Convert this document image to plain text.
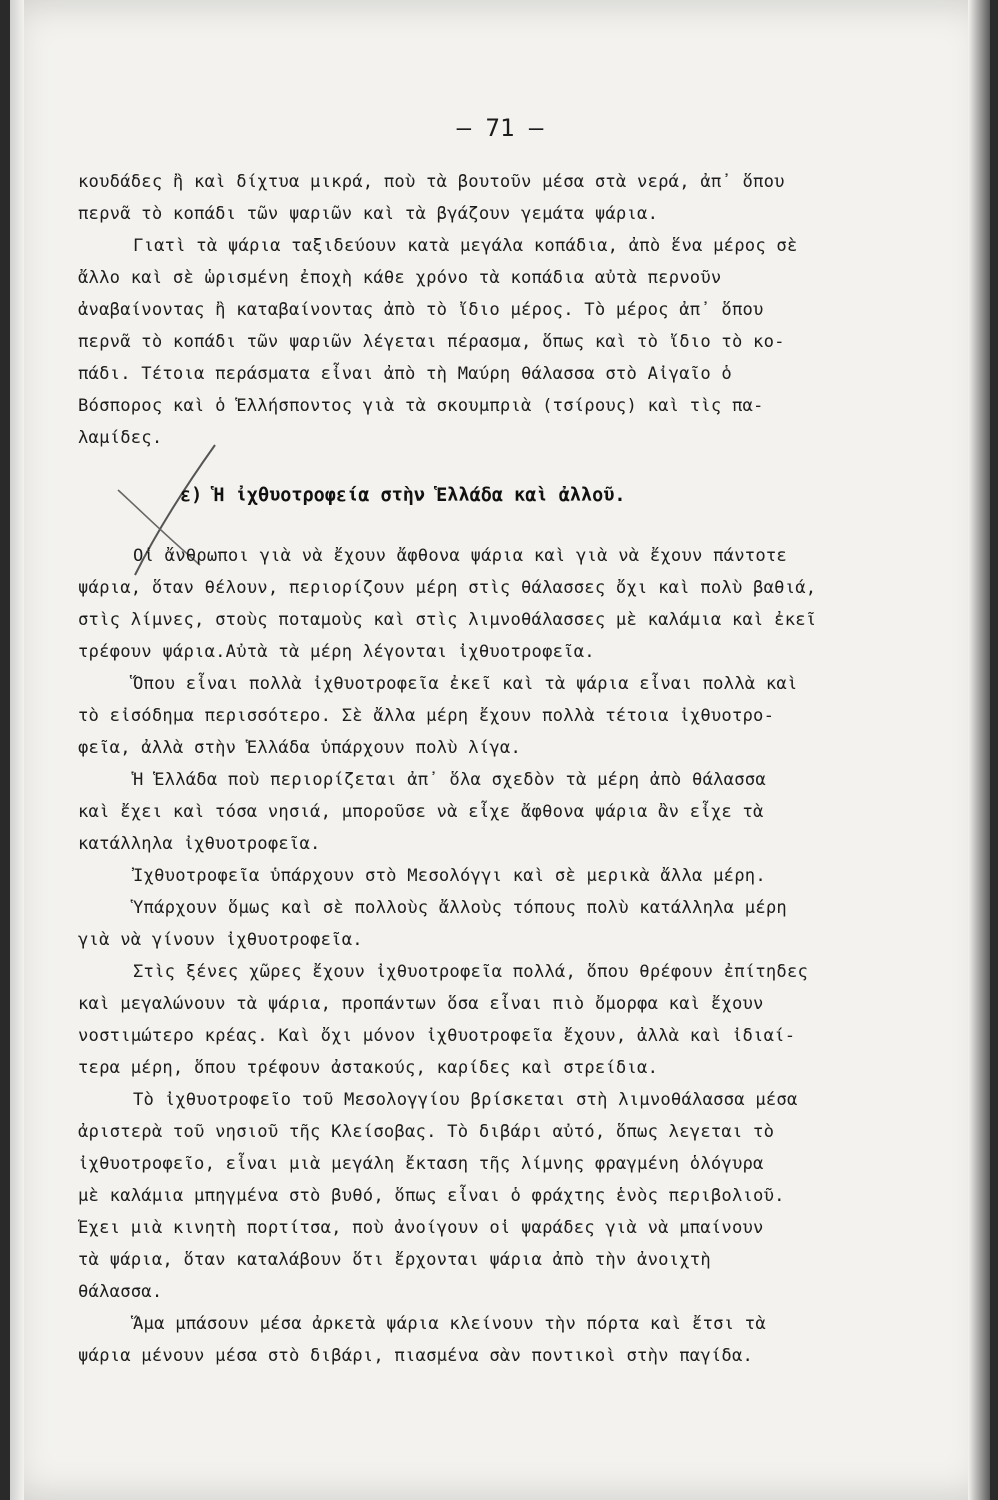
— 71 —
κουδάδες ἢ καὶ δίχτυα μικρά, ποὺ τὰ βουτοῦν μέσα στὰ νερά, ἀπ᾽ ὅπου
περνᾶ τὸ κοπάδι τῶν ψαριῶν καὶ τὰ βγάζουν γεμάτα ψάρια.
Γιατὶ τὰ ψάρια ταξιδεύουν κατὰ μεγάλα κοπάδια, ἀπὸ ἕνα μέρος σὲ
ἄλλο καὶ σὲ ὡρισμένη ἐποχὴ κάθε χρόνο τὰ κοπάδια αὐτὰ περνοῦν
ἀναβαίνοντας ἢ καταβαίνοντας ἀπὸ τὸ ἴδιο μέρος. Τὸ μέρος ἀπ᾽ ὅπου
περνᾶ τὸ κοπάδι τῶν ψαριῶν λέγεται πέρασμα, ὅπως καὶ τὸ ἴδιο τὸ κο-
πάδι. Τέτοια περάσματα εἶναι ἀπὸ τὴ Μαύρη θάλασσα στὸ Αἰγαῖο ὁ
Βόσπορος καὶ ὁ Ἑλλήσποντος γιὰ τὰ σκουμπριὰ (τσίρους) καὶ τὶς πα-
λαμίδες.
ε) Ἡ ἰχθυοτροφεία στὴν Ἑλλάδα καὶ ἀλλοῦ.
Οἱ ἄνθρωποι γιὰ νὰ ἔχουν ἄφθονα ψάρια καὶ γιὰ νὰ ἔχουν πάντοτε
ψάρια, ὅταν θέλουν, περιορίζουν μέρη στὶς θάλασσες ὄχι καὶ πολὺ βαθιά,
στὶς λίμνες, στοὺς ποταμοὺς καὶ στὶς λιμνοθάλασσες μὲ καλάμια καὶ ἐκεῖ
τρέφουν ψάρια.Αὐτὰ τὰ μέρη λέγονται ἰχθυοτροφεῖα.
Ὅπου εἶναι πολλὰ ἰχθυοτροφεῖα ἐκεῖ καὶ τὰ ψάρια εἶναι πολλὰ καὶ
τὸ εἰσόδημα περισσότερο. Σὲ ἄλλα μέρη ἔχουν πολλὰ τέτοια ἰχθυοτρο-
φεῖα, ἀλλὰ στὴν Ἑλλάδα ὑπάρχουν πολὺ λίγα.
Ἡ Ἑλλάδα ποὺ περιορίζεται ἀπ᾽ ὅλα σχεδὸν τὰ μέρη ἀπὸ θάλασσα
καὶ ἔχει καὶ τόσα νησιά, μποροῦσε νὰ εἶχε ἄφθονα ψάρια ἂν εἶχε τὰ
κατάλληλα ἰχθυοτροφεῖα.
Ἰχθυοτροφεῖα ὑπάρχουν στὸ Μεσολόγγι καὶ σὲ μερικὰ ἄλλα μέρη.
Ὑπάρχουν ὅμως καὶ σὲ πολλοὺς ἄλλοὺς τόπους πολὺ κατάλληλα μέρη
γιὰ νὰ γίνουν ἰχθυοτροφεῖα.
Στὶς ξένες χῶρες ἔχουν ἰχθυοτροφεῖα πολλά, ὅπου θρέφουν ἐπίτηδες
καὶ μεγαλώνουν τὰ ψάρια, προπάντων ὅσα εἶναι πιὸ ὄμορφα καὶ ἔχουν
νοστιμώτερο κρέας. Καὶ ὄχι μόνον ἰχθυοτροφεῖα ἔχουν, ἀλλὰ καὶ ἰδιαί-
τερα μέρη, ὅπου τρέφουν ἀστακούς, καρίδες καὶ στρείδια.
Τὸ ἰχθυοτροφεῖο τοῦ Μεσολογγίου βρίσκεται στὴ λιμνοθάλασσα μέσα
ἀριστερὰ τοῦ νησιοῦ τῆς Κλείσοβας. Τὸ διβάρι αὐτό, ὅπως λεγεται τὸ
ἰχθυοτροφεῖο, εἶναι μιὰ μεγάλη ἔκταση τῆς λίμνης φραγμένη ὁλόγυρα
μὲ καλάμια μπηγμένα στὸ βυθό, ὅπως εἶναι ὁ φράχτης ἑνὸς περιβολιοῦ.
Ἔχει μιὰ κινητὴ πορτίτσα, ποὺ ἀνοίγουν οἱ ψαράδες γιὰ νὰ μπαίνουν
τὰ ψάρια, ὅταν καταλάβουν ὅτι ἔρχονται ψάρια ἀπὸ τὴν ἀνοιχτὴ
θάλασσα.
Ἅμα μπάσουν μέσα ἀρκετὰ ψάρια κλείνουν τὴν πόρτα καὶ ἔτσι τὰ
ψάρια μένουν μέσα στὸ διβάρι, πιασμένα σὰν ποντικοὶ στὴν παγίδα.
